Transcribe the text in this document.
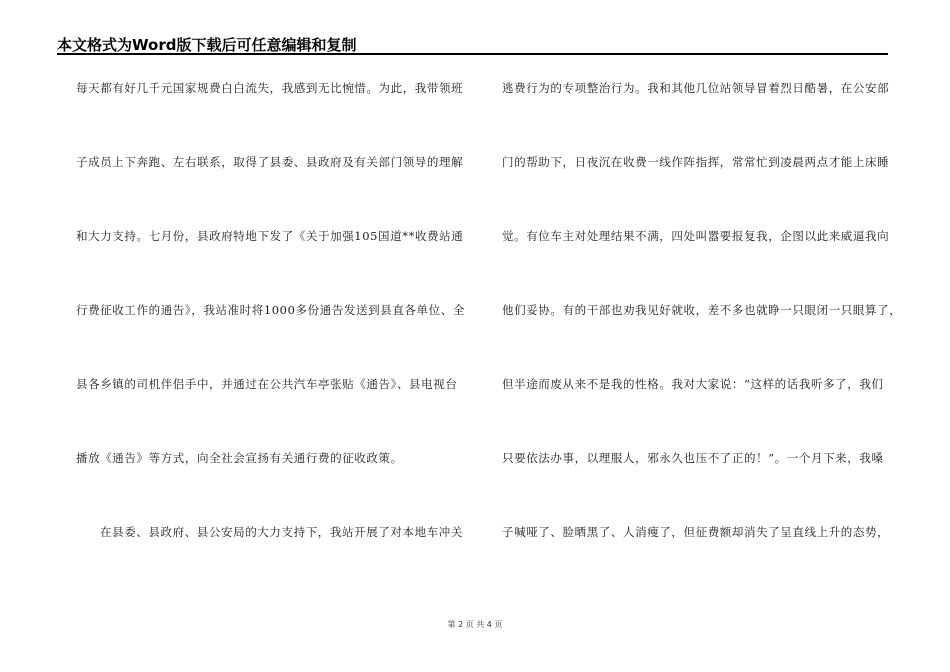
本文格式为Word版下载后可任意编辑和复制
每天都有好几千元国家规费白白流失，我感到无比惋惜。为此，我带领班
子成员上下奔跑、左右联系，取得了县委、县政府及有关部门领导的理解
和大力支持。七月份，县政府特地下发了《关于加强105国道**收费站通
行费征收工作的通告》，我站准时将1000多份通告发送到县直各单位、全
县各乡镇的司机伴侣手中，并通过在公共汽车亭张贴《通告》、县电视台
播放《通告》等方式，向全社会宣扬有关通行费的征收政策。
在县委、县政府、县公安局的大力支持下，我站开展了对本地车冲关
逃费行为的专项整治行为。我和其他几位站领导冒着烈日酷暑，在公安部
门的帮助下，日夜沉在收费一线作阵指挥，常常忙到凌晨两点才能上床睡
觉。有位车主对处理结果不满，四处叫嚣要报复我，企图以此来威逼我向
他们妥协。有的干部也劝我见好就收，差不多也就睁一只眼闭一只眼算了，
但半途而废从来不是我的性格。我对大家说：“这样的话我听多了，我们
只要依法办事，以理服人，邪永久也压不了正的！”。一个月下来，我嗓
子喊哑了、脸晒黑了、人消瘦了，但征费额却消失了呈直线上升的态势，
第 2 页 共 4 页
